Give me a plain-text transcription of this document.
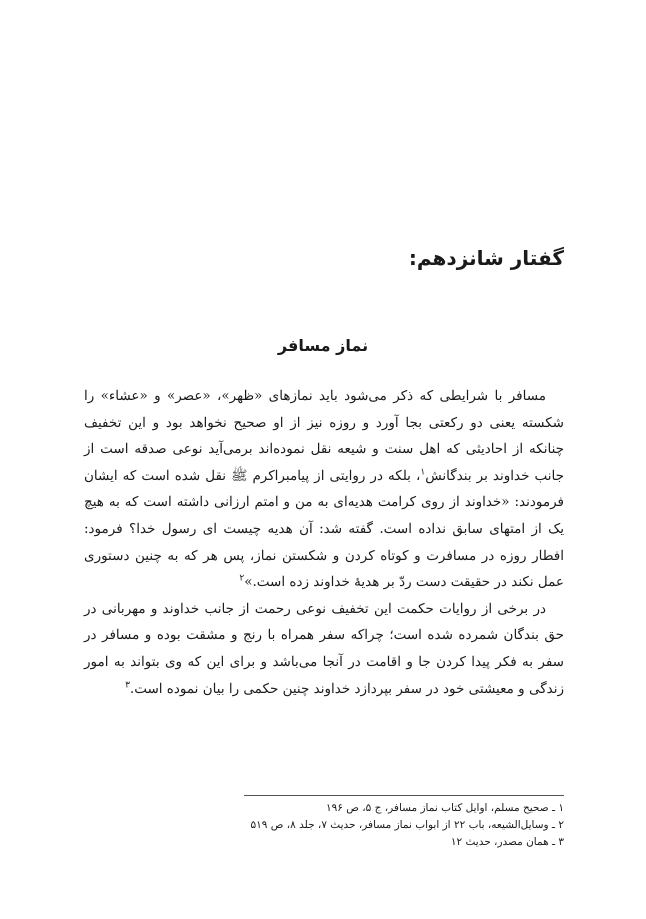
گفتار شانزدهم:
نماز مسافر

مسافر با شرایطی که ذکر می‌شود باید نمازهای «ظهر»، «عصر» و «عشاء» را شکسته یعنی دو رکعتی بجا آورد و روزه نیز از او صحیح نخواهد بود و این تخفیف چنانکه از احادیثی که اهل سنت و شیعه نقل نموده‌اند برمی‌آید نوعی صدقه است از جانب خداوند بر بندگانش$^۱$، بلکه در روایتی از پیامبراکرم ﷺ نقل شده است که ایشان فرمودند: «خداوند از روی کرامت هدیه‌ای به من و امتم ارزانی داشته است که به هیچ یک از امتهای سابق نداده است. گفته شد: آن هدیه چیست ای رسول خدا؟ فرمود: افطار روزه در مسافرت و کوتاه کردن و شکستن نماز، پس هر که به چنین دستوری عمل نکند در حقیقت دست ردّ بر هدیهٔ خداوند زده است.»$^۲$

در برخی از روایات حکمت این تخفیف نوعی رحمت از جانب خداوند و مهربانی در حق بندگان شمرده شده است؛ چراکه سفر همراه با رنج و مشقت بوده و مسافر در سفر به فکر پیدا کردن جا و اقامت در آنجا می‌باشد و برای این که وی بتواند به امور زندگی و معیشتی خود در سفر بپردازد خداوند چنین حکمی را بیان نموده است.$^۳$

۱ ـ صحیح مسلم، اوایل کتاب نماز مسافر، ج ۵، ص ۱۹۶
۲ ـ وسایل‌الشیعه، باب ۲۲ از ابواب نماز مسافر، حدیث ۷، جلد ۸، ص ۵۱۹
۳ ـ همان مصدر، حدیث ۱۲
